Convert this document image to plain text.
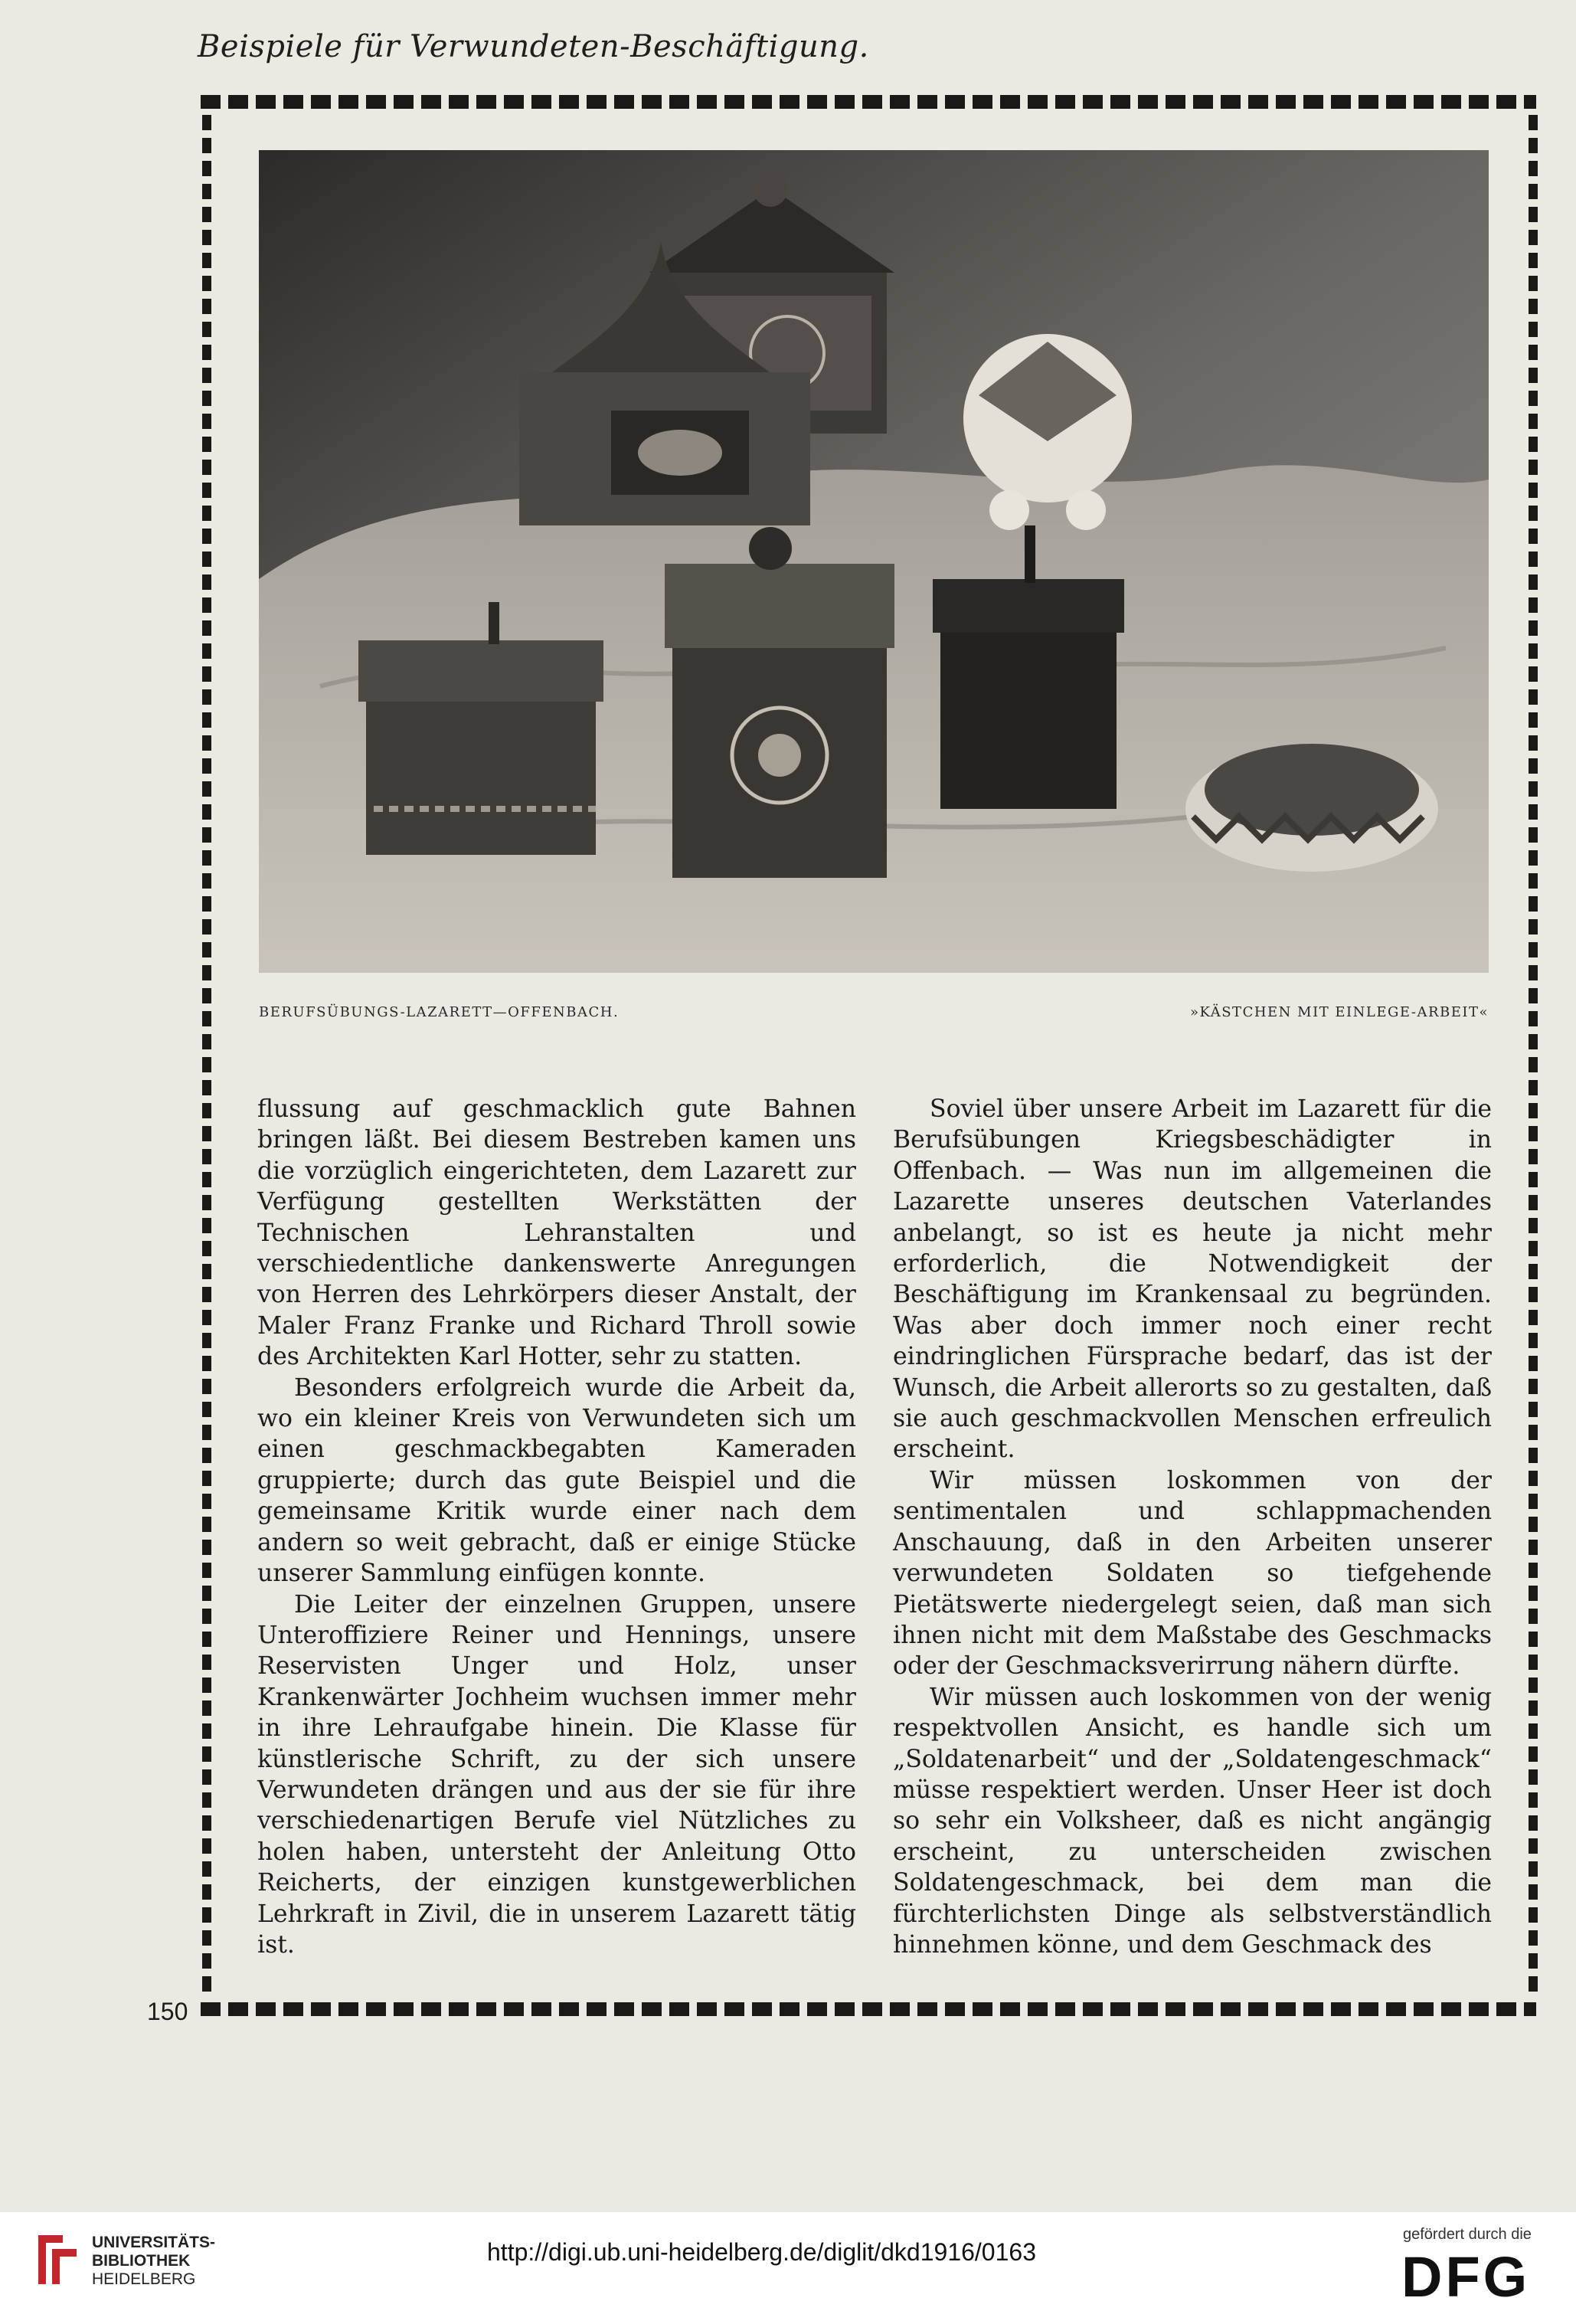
Beispiele für Verwundeten-Beschäftigung.
BERUFSÜBUNGS-LAZARETT—OFFENBACH.	»KÄSTCHEN MIT EINLEGE-ARBEIT«

flussung auf geschmacklich gute Bahnen bringen läßt. Bei diesem Bestreben kamen uns die vorzüglich eingerichteten, dem Lazarett zur Verfügung gestellten Werkstätten der Technischen Lehranstalten und verschiedentliche dankenswerte Anregungen von Herren des Lehrkörpers dieser Anstalt, der Maler Franz Franke und Richard Throll sowie des Architekten Karl Hotter, sehr zu statten.

Besonders erfolgreich wurde die Arbeit da, wo ein kleiner Kreis von Verwundeten sich um einen geschmackbegabten Kameraden gruppierte; durch das gute Beispiel und die gemeinsame Kritik wurde einer nach dem andern so weit gebracht, daß er einige Stücke unserer Sammlung einfügen konnte.

Die Leiter der einzelnen Gruppen, unsere Unteroffiziere Reiner und Hennings, unsere Reservisten Unger und Holz, unser Krankenwärter Jochheim wuchsen immer mehr in ihre Lehraufgabe hinein. Die Klasse für künstlerische Schrift, zu der sich unsere Verwundeten drängen und aus der sie für ihre verschiedenartigen Berufe viel Nützliches zu holen haben, untersteht der Anleitung Otto Reicherts, der einzigen kunstgewerblichen Lehrkraft in Zivil, die in unserem Lazarett tätig ist.

Soviel über unsere Arbeit im Lazarett für die Berufsübungen Kriegsbeschädigter in Offenbach. — Was nun im allgemeinen die Lazarette unseres deutschen Vaterlandes anbelangt, so ist es heute ja nicht mehr erforderlich, die Notwendigkeit der Beschäftigung im Krankensaal zu begründen. Was aber doch immer noch einer recht eindringlichen Fürsprache bedarf, das ist der Wunsch, die Arbeit allerorts so zu gestalten, daß sie auch geschmackvollen Menschen erfreulich erscheint.

Wir müssen loskommen von der sentimentalen und schlappmachenden Anschauung, daß in den Arbeiten unserer verwundeten Soldaten so tiefgehende Pietätswerte niedergelegt seien, daß man sich ihnen nicht mit dem Maßstabe des Geschmacks oder der Geschmacksverirrung nähern dürfte.

Wir müssen auch loskommen von der wenig respektvollen Ansicht, es handle sich um „Soldatenarbeit“ und der „Soldatengeschmack“ müsse respektiert werden. Unser Heer ist doch so sehr ein Volksheer, daß es nicht angängig erscheint, zu unterscheiden zwischen Soldatengeschmack, bei dem man die fürchterlichsten Dinge als selbstverständlich hinnehmen könne, und dem Geschmack des

150
UNIVERSITÄTS-
BIBLIOTHEK
HEIDELBERG
http://digi.ub.uni-heidelberg.de/diglit/dkd1916/0163
gefördert durch die
DFG
